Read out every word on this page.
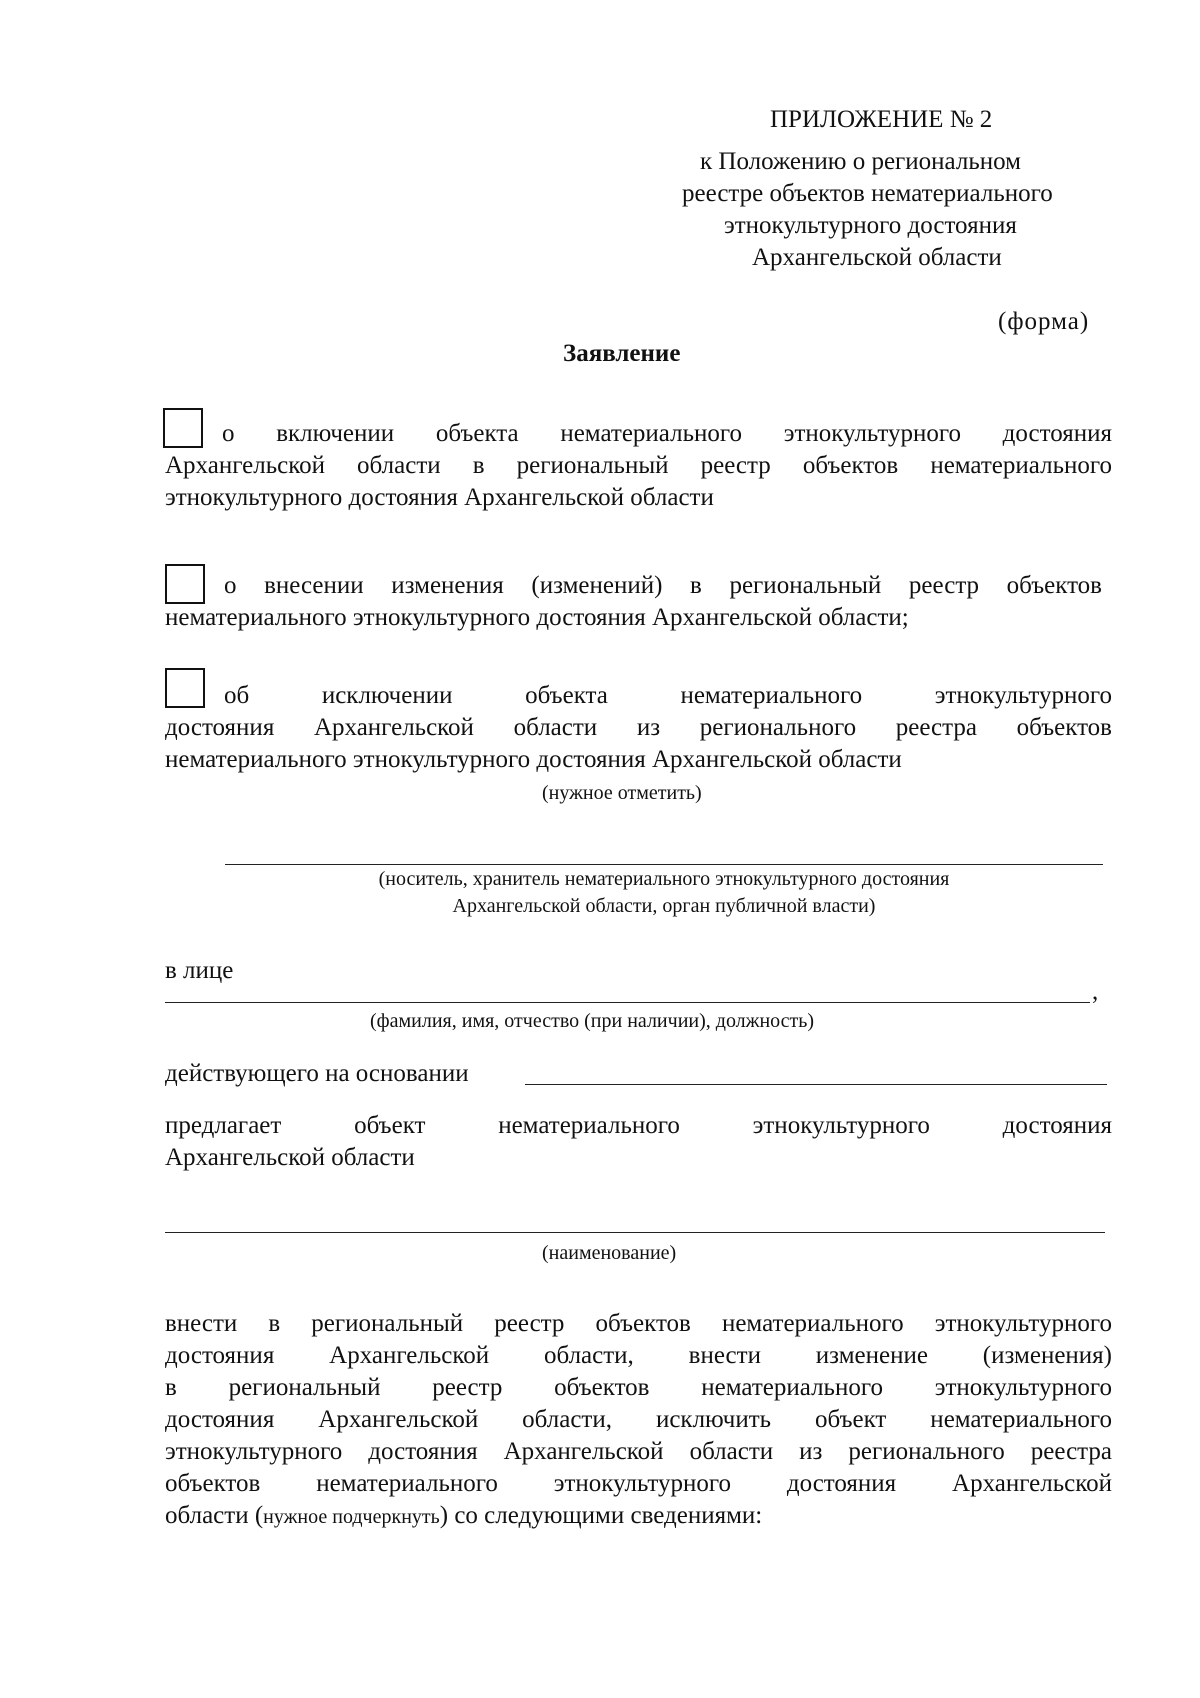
ПРИЛОЖЕНИЕ № 2
к Положению о региональном
реестре объектов нематериального
этнокультурного достояния
Архангельской области
(форма)
Заявление
о включении объекта нематериального этнокультурного достояния
Архангельской области в региональный реестр объектов нематериального
этнокультурного достояния Архангельской области
о внесении изменения (изменений) в региональный реестр объектов
нематериального этнокультурного достояния Архангельской области;
об исключении объекта нематериального этнокультурного
достояния Архангельской области из регионального реестра объектов
нематериального этнокультурного достояния Архангельской области
(нужное отметить)
(носитель, хранитель нематериального этнокультурного достояния
Архангельской области, орган публичной власти)
в лице
,
(фамилия, имя, отчество (при наличии), должность)
действующего на основании
предлагает объект нематериального этнокультурного достояния
Архангельской области
(наименование)
внести в региональный реестр объектов нематериального этнокультурного
достояния Архангельской области, внести изменение (изменения)
в региональный реестр объектов нематериального этнокультурного
достояния Архангельской области, исключить объект нематериального
этнокультурного достояния Архангельской области из регионального реестра
объектов нематериального этнокультурного достояния Архангельской
области (нужное подчеркнуть) со следующими сведениями:
